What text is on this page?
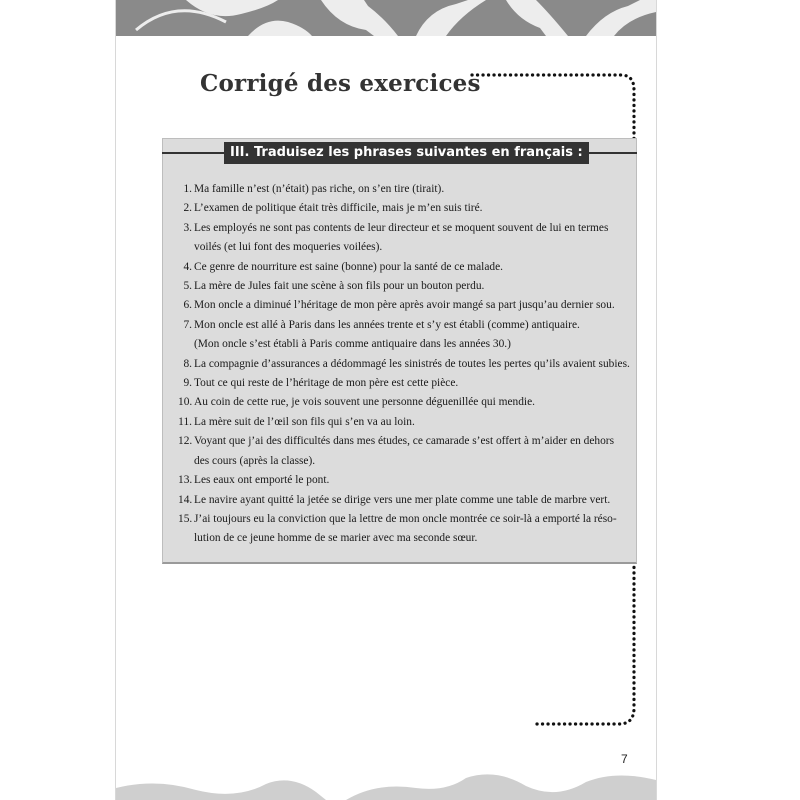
Corrigé des exercices
III. Traduisez les phrases suivantes en français :
1. Ma famille n’est (n’était) pas riche, on s’en tire (tirait).
2. L’examen de politique était très difficile, mais je m’en suis tiré.
3. Les employés ne sont pas contents de leur directeur et se moquent souvent de lui en termes
voilés (et lui font des moqueries voilées).
4. Ce genre de nourriture est saine (bonne) pour la santé de ce malade.
5. La mère de Jules fait une scène à son fils pour un bouton perdu.
6. Mon oncle a diminué l’héritage de mon père après avoir mangé sa part jusqu’au dernier sou.
7. Mon oncle est allé à Paris dans les années trente et s’y est établi (comme) antiquaire.
(Mon oncle s’est établi à Paris comme antiquaire dans les années 30.)
8. La compagnie d’assurances a dédommagé les sinistrés de toutes les pertes qu’ils avaient subies.
9. Tout ce qui reste de l’héritage de mon père est cette pièce.
10. Au coin de cette rue, je vois souvent une personne déguenillée qui mendie.
11. La mère suit de l’œil son fils qui s’en va au loin.
12. Voyant que j’ai des difficultés dans mes études, ce camarade s’est offert à m’aider en dehors
des cours (après la classe).
13. Les eaux ont emporté le pont.
14. Le navire ayant quitté la jetée se dirige vers une mer plate comme une table de marbre vert.
15. J’ai toujours eu la conviction que la lettre de mon oncle montrée ce soir-là a emporté la réso-
lution de ce jeune homme de se marier avec ma seconde sœur.
7
